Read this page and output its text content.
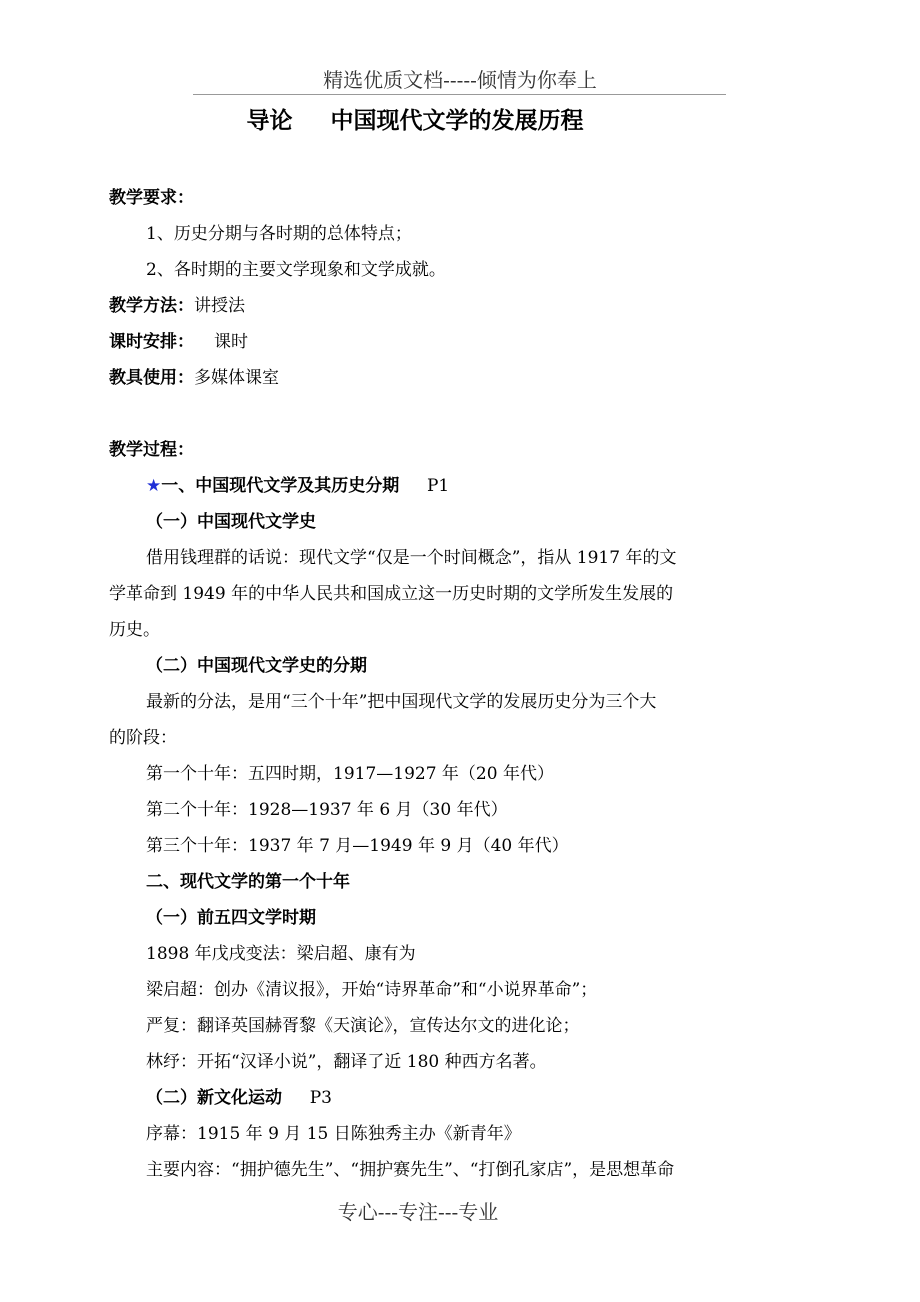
精选优质文档-----倾情为你奉上
导论 中国现代文学的发展历程
教学要求：
1、历史分期与各时期的总体特点；
2、各时期的主要文学现象和文学成就。
教学方法：讲授法
课时安排： 课时
教具使用：多媒体课室
教学过程：
★一、中国现代文学及其历史分期 P1
（一）中国现代文学史
借用钱理群的话说：现代文学“仅是一个时间概念”，指从 1917 年的文
学革命到 1949 年的中华人民共和国成立这一历史时期的文学所发生发展的
历史。
（二）中国现代文学史的分期
最新的分法，是用“三个十年”把中国现代文学的发展历史分为三个大
的阶段：
第一个十年：五四时期，1917—1927 年（20 年代）
第二个十年：1928—1937 年 6 月（30 年代）
第三个十年：1937 年 7 月—1949 年 9 月（40 年代）
二、现代文学的第一个十年
（一）前五四文学时期
1898 年戊戌变法：梁启超、康有为
梁启超：创办《清议报》，开始“诗界革命”和“小说界革命”；
严复：翻译英国赫胥黎《天演论》，宣传达尔文的进化论；
林纾：开拓“汉译小说”，翻译了近 180 种西方名著。
（二）新文化运动 P3
序幕：1915 年 9 月 15 日陈独秀主办《新青年》
主要内容：“拥护德先生”、“拥护赛先生”、“打倒孔家店”，是思想革命
专心---专注---专业
